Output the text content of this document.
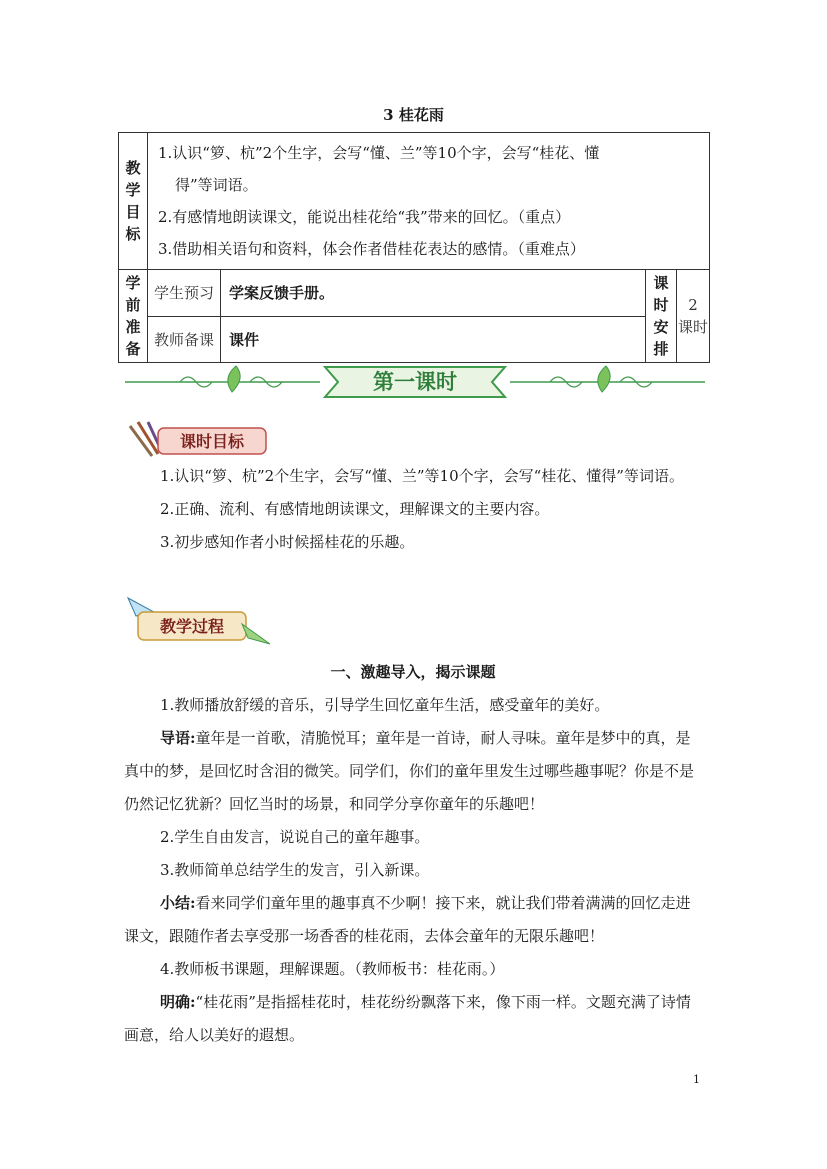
3 桂花雨
教学目标	1.认识“箩、杭”2个生字，会写“懂、兰”等10个字，会写“桂花、懂
得”等词语。
2.有感情地朗读课文，能说出桂花给“我”带来的回忆。（重点）
3.借助相关语句和资料，体会作者借桂花表达的感情。（重难点）			

学前准备	学生预习	学案反馈手册。	课时安排	2
课时

	教师备课	课件		
第一课时
课时目标

1.认识“箩、杭”2个生字，会写“懂、兰”等10个字，会写“桂花、懂得”等词语。

2.正确、流利、有感情地朗读课文，理解课文的主要内容。

3.初步感知作者小时候摇桂花的乐趣。

教学过程

一、激趣导入，揭示课题

1.教师播放舒缓的音乐，引导学生回忆童年生活，感受童年的美好。

导语:童年是一首歌，清脆悦耳；童年是一首诗，耐人寻味。童年是梦中的真，是真中的梦，是回忆时含泪的微笑。同学们，你们的童年里发生过哪些趣事呢？你是不是仍然记忆犹新？回忆当时的场景，和同学分享你童年的乐趣吧！

2.学生自由发言，说说自己的童年趣事。

3.教师简单总结学生的发言，引入新课。

小结:看来同学们童年里的趣事真不少啊！接下来，就让我们带着满满的回忆走进课文，跟随作者去享受那一场香香的桂花雨，去体会童年的无限乐趣吧！

4.教师板书课题，理解课题。（教师板书：桂花雨。）

明确:“桂花雨”是指摇桂花时，桂花纷纷飘落下来，像下雨一样。文题充满了诗情画意，给人以美好的遐想。

1
